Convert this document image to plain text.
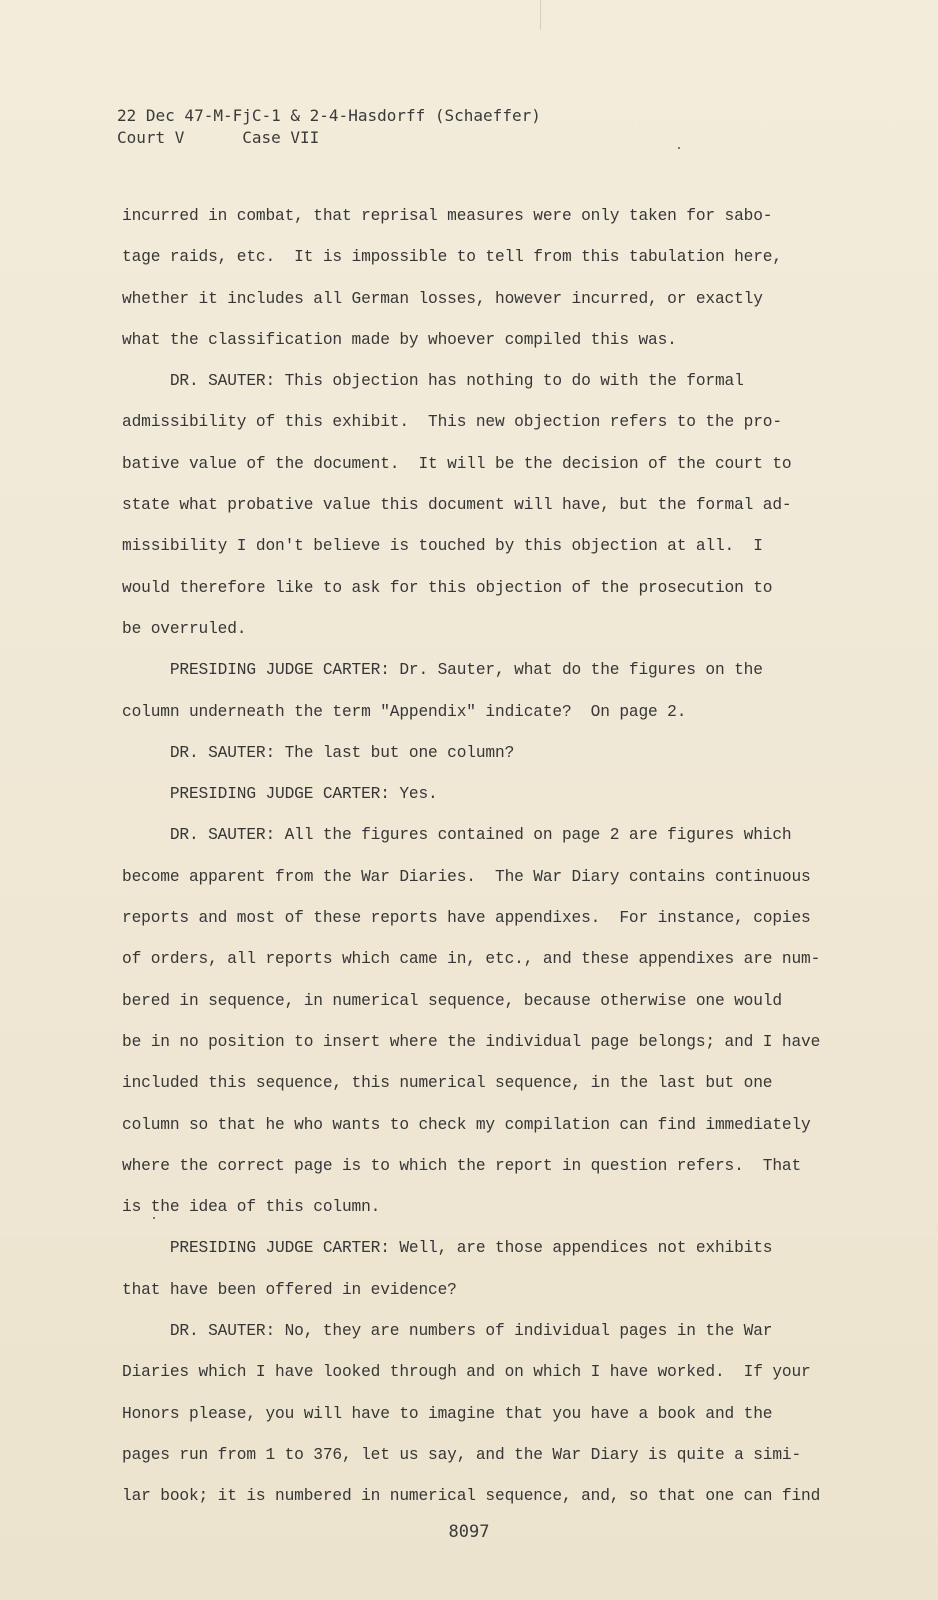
22 Dec 47-M-FjC-1 & 2-4-Hasdorff (Schaeffer)
Court V      Case VII
incurred in combat, that reprisal measures were only taken for sabo-
tage raids, etc.  It is impossible to tell from this tabulation here,
whether it includes all German losses, however incurred, or exactly
what the classification made by whoever compiled this was.
DR. SAUTER: This objection has nothing to do with the formal
admissibility of this exhibit.  This new objection refers to the pro-
bative value of the document.  It will be the decision of the court to
state what probative value this document will have, but the formal ad-
missibility I don't believe is touched by this objection at all.  I
would therefore like to ask for this objection of the prosecution to
be overruled.
PRESIDING JUDGE CARTER: Dr. Sauter, what do the figures on the
column underneath the term "Appendix" indicate?  On page 2.
DR. SAUTER: The last but one column?
PRESIDING JUDGE CARTER: Yes.
DR. SAUTER: All the figures contained on page 2 are figures which
become apparent from the War Diaries.  The War Diary contains continuous
reports and most of these reports have appendixes.  For instance, copies
of orders, all reports which came in, etc., and these appendixes are num-
bered in sequence, in numerical sequence, because otherwise one would
be in no position to insert where the individual page belongs; and I have
included this sequence, this numerical sequence, in the last but one
column so that he who wants to check my compilation can find immediately
where the correct page is to which the report in question refers.  That
is the idea of this column.
PRESIDING JUDGE CARTER: Well, are those appendices not exhibits
that have been offered in evidence?
DR. SAUTER: No, they are numbers of individual pages in the War
Diaries which I have looked through and on which I have worked.  If your
Honors please, you will have to imagine that you have a book and the
pages run from 1 to 376, let us say, and the War Diary is quite a simi-
lar book; it is numbered in numerical sequence, and, so that one can find
8097
